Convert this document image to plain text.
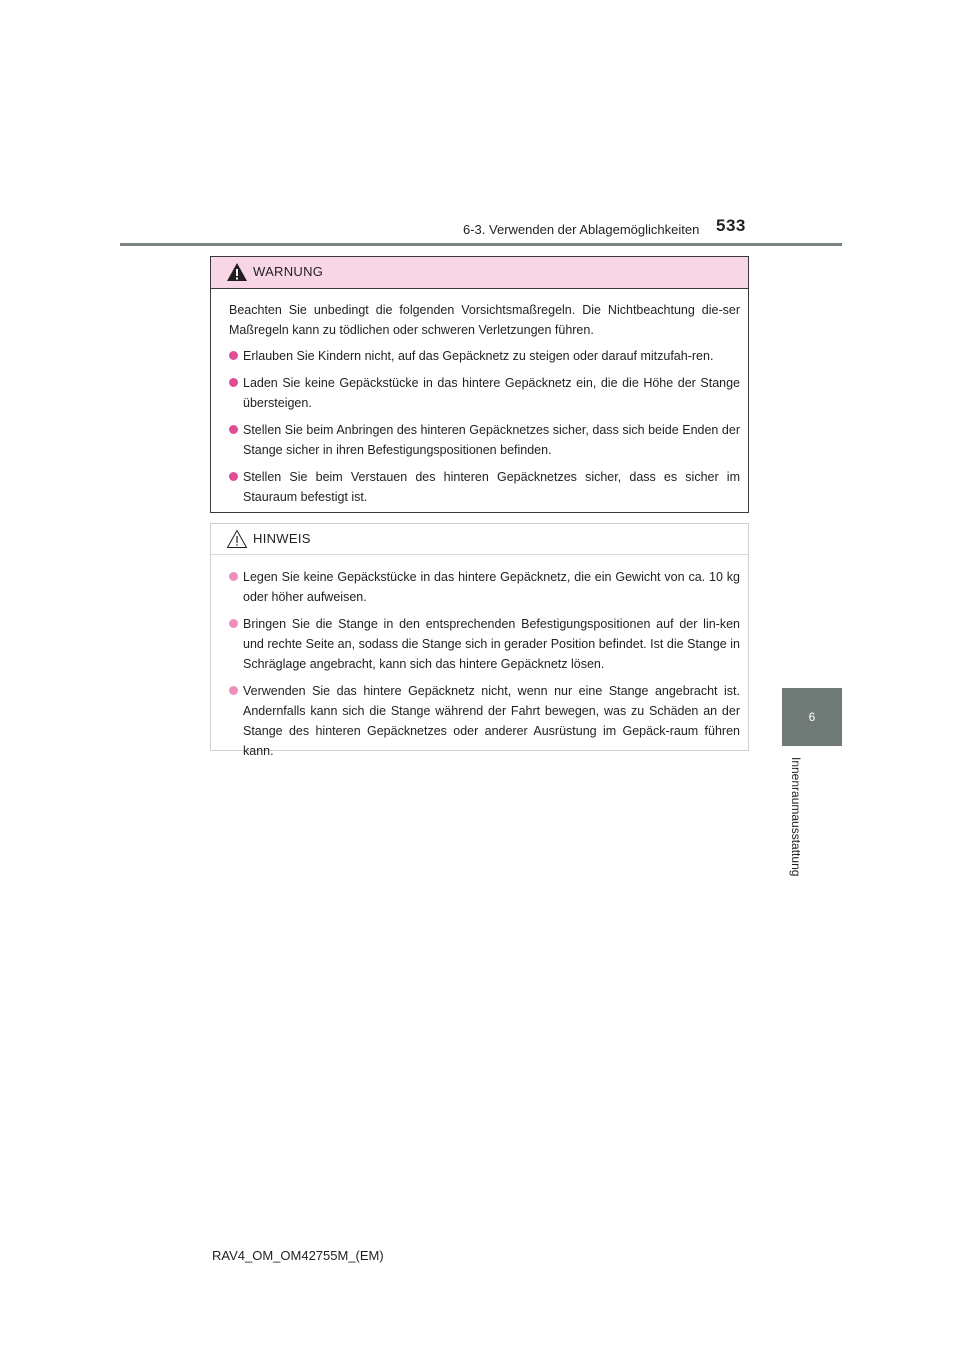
6-3. Verwenden der Ablagemöglichkeiten 533
6
Innenraumausstattung
WARNUNG

Beachten Sie unbedingt die folgenden Vorsichtsmaßregeln. Die Nichtbeachtung die-ser Maßregeln kann zu tödlichen oder schweren Verletzungen führen.

Erlauben Sie Kindern nicht, auf das Gepäcknetz zu steigen oder darauf mitzufah-ren.
Laden Sie keine Gepäckstücke in das hintere Gepäcknetz ein, die die Höhe der Stange übersteigen.
Stellen Sie beim Anbringen des hinteren Gepäcknetzes sicher, dass sich beide Enden der Stange sicher in ihren Befestigungspositionen befinden.
Stellen Sie beim Verstauen des hinteren Gepäcknetzes sicher, dass es sicher im Stauraum befestigt ist.
HINWEIS
Legen Sie keine Gepäckstücke in das hintere Gepäcknetz, die ein Gewicht von ca. 10 kg oder höher aufweisen.
Bringen Sie die Stange in den entsprechenden Befestigungspositionen auf der lin-ken und rechte Seite an, sodass die Stange sich in gerader Position befindet. Ist die Stange in Schräglage angebracht, kann sich das hintere Gepäcknetz lösen.
Verwenden Sie das hintere Gepäcknetz nicht, wenn nur eine Stange angebracht ist. Andernfalls kann sich die Stange während der Fahrt bewegen, was zu Schäden an der Stange des hinteren Gepäcknetzes oder anderer Ausrüstung im Gepäck-raum führen kann.
RAV4_OM_OM42755M_(EM)
